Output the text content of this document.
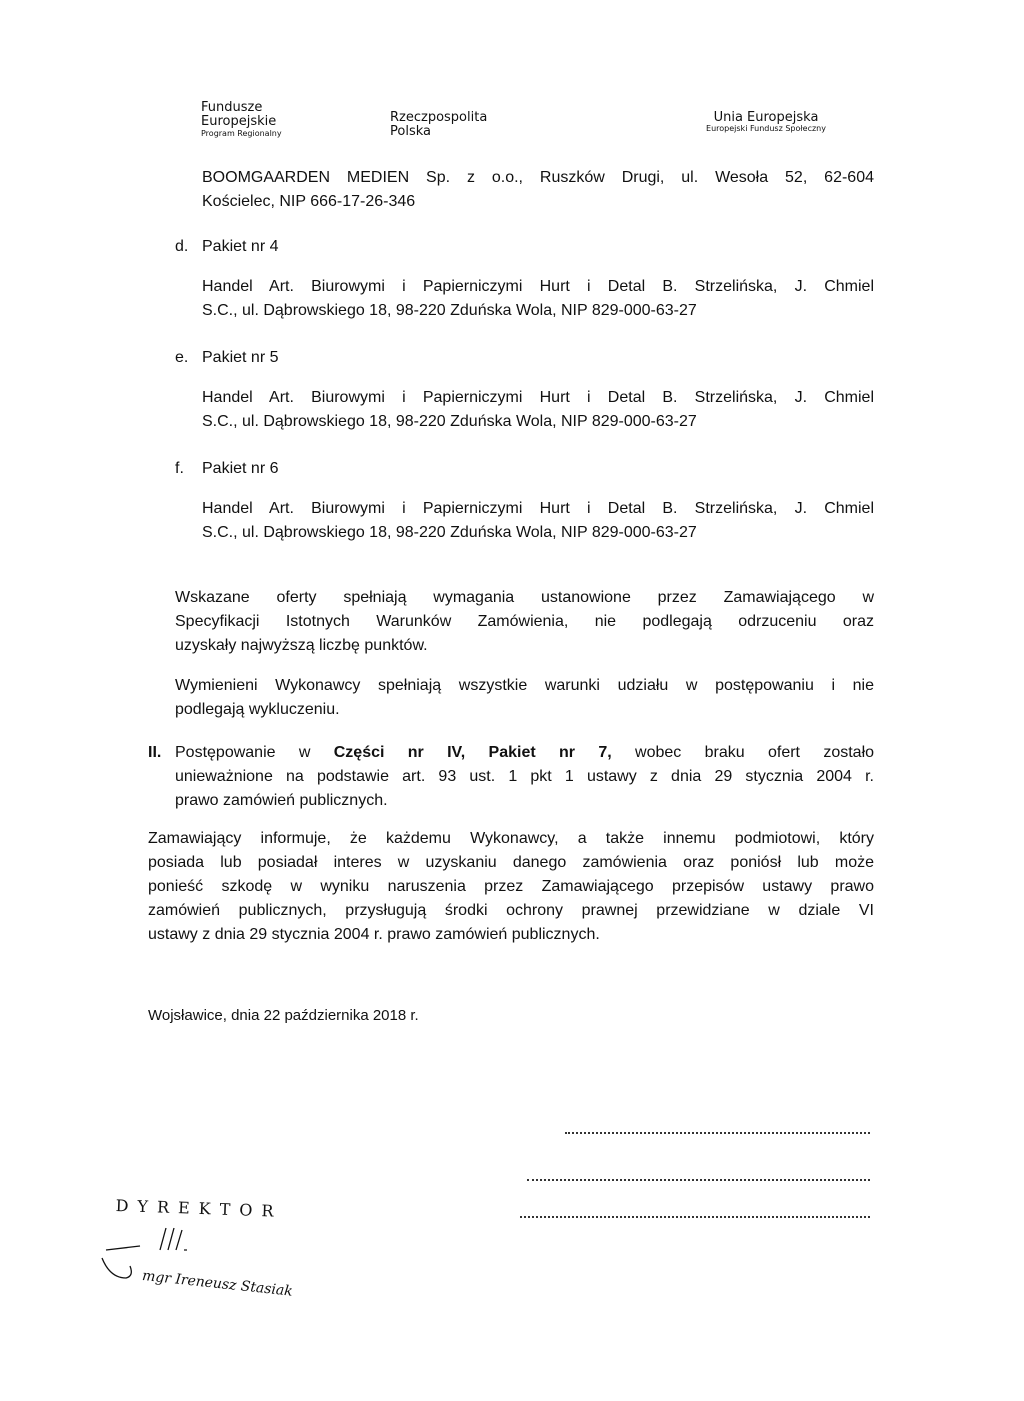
Fundusze
Europejskie
Program Regionalny
Rzeczpospolita
Polska
Unia Europejska
Europejski Fundusz Społeczny
BOOMGAARDEN MEDIEN Sp. z o.o., Ruszków Drugi, ul. Wesoła 52, 62-604
Kościelec, NIP 666-17-26-346
d. Pakiet nr 4
Handel Art. Biurowymi i Papierniczymi Hurt i Detal B. Strzelińska, J. Chmiel
S.C., ul. Dąbrowskiego 18, 98-220 Zduńska Wola, NIP 829-000-63-27
e. Pakiet nr 5
Handel Art. Biurowymi i Papierniczymi Hurt i Detal B. Strzelińska, J. Chmiel
S.C., ul. Dąbrowskiego 18, 98-220 Zduńska Wola, NIP 829-000-63-27
f. Pakiet nr 6
Handel Art. Biurowymi i Papierniczymi Hurt i Detal B. Strzelińska, J. Chmiel
S.C., ul. Dąbrowskiego 18, 98-220 Zduńska Wola, NIP 829-000-63-27
Wskazane oferty spełniają wymagania ustanowione przez Zamawiającego w
Specyfikacji Istotnych Warunków Zamówienia, nie podlegają odrzuceniu oraz
uzyskały najwyższą liczbę punktów.
Wymienieni Wykonawcy spełniają wszystkie warunki udziału w postępowaniu i nie
podlegają wykluczeniu.
II. Postępowanie w Części nr IV, Pakiet nr 7, wobec braku ofert zostało
unieważnione na podstawie art. 93 ust. 1 pkt 1 ustawy z dnia 29 stycznia 2004 r.
prawo zamówień publicznych.
Zamawiający informuje, że każdemu Wykonawcy, a także innemu podmiotowi, który
posiada lub posiadał interes w uzyskaniu danego zamówienia oraz poniósł lub może
ponieść szkodę w wyniku naruszenia przez Zamawiającego przepisów ustawy prawo
zamówień publicznych, przysługują środki ochrony prawnej przewidziane w dziale VI
ustawy z dnia 29 stycznia 2004 r. prawo zamówień publicznych.
Wojsławice, dnia 22 października 2018 r.
DYREKTOR
mgr Ireneusz Stasiak
